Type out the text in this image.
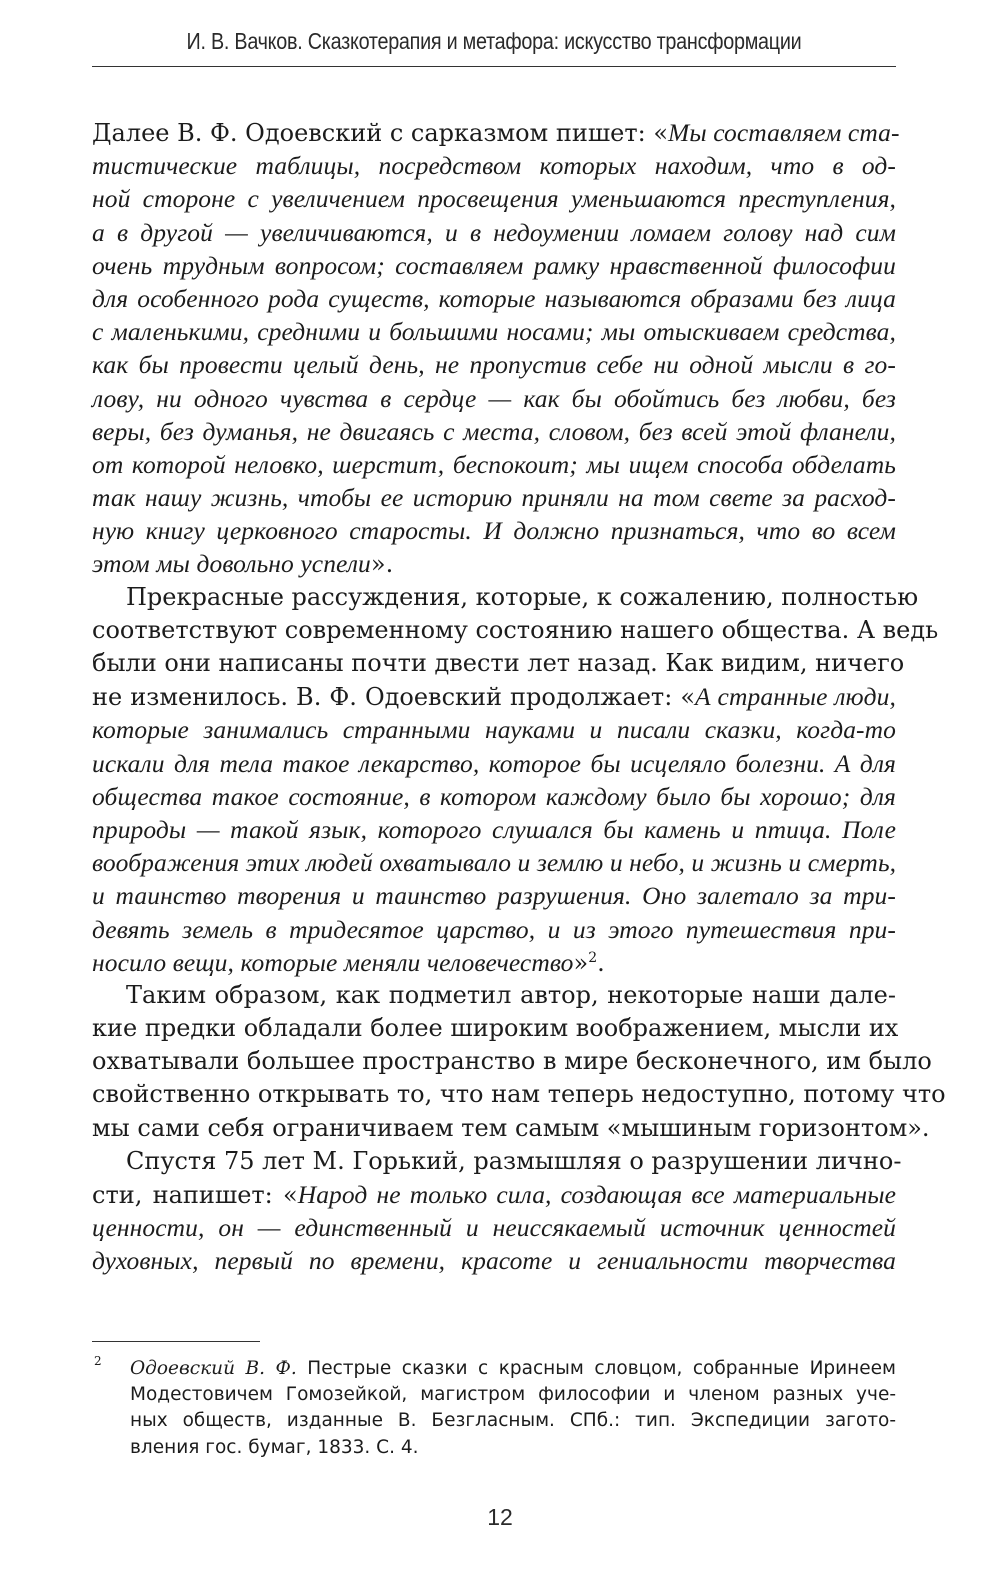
И. В. Вачков. Сказкотерапия и метафора: искусство трансформации
Далее В. Ф. Одоевский с сарказмом пишет: «Мы составляем ста-
тистические таблицы, посредством которых находим, что в од-
ной стороне с увеличением просвещения уменьшаются преступления,
а в другой — увеличиваются, и в недоумении ломаем голову над сим
очень трудным вопросом; составляем рамку нравственной философии
для особенного рода существ, которые называются образами без лица
с маленькими, средними и большими носами; мы отыскиваем средства,
как бы провести целый день, не пропустив себе ни одной мысли в го-
лову, ни одного чувства в сердце — как бы обойтись без любви, без
веры, без думанья, не двигаясь с места, словом, без всей этой фланели,
от которой неловко, шерстит, беспокоит; мы ищем способа обделать
так нашу жизнь, чтобы ее историю приняли на том свете за расход-
ную книгу церковного старосты. И должно признаться, что во всем
этом мы довольно успели».
Прекрасные рассуждения, которые, к сожалению, полностью
соответствуют современному состоянию нашего общества. А ведь
были они написаны почти двести лет назад. Как видим, ничего
не изменилось. В. Ф. Одоевский продолжает: «А странные люди,
которые занимались странными науками и писали сказки, когда-то
искали для тела такое лекарство, которое бы исцеляло болезни. А для
общества такое состояние, в котором каждому было бы хорошо; для
природы — такой язык, которого слушался бы камень и птица. Поле
воображения этих людей охватывало и землю и небо, и жизнь и смерть,
и таинство творения и таинство разрушения. Оно залетало за три-
девять земель в тридесятое царство, и из этого путешествия при-
носило вещи, которые меняли человечество»$^2$.
Таким образом, как подметил автор, некоторые наши дале-
кие предки обладали более широким воображением, мысли их
охватывали большее пространство в мире бесконечного, им было
свойственно открывать то, что нам теперь недоступно, потому что
мы сами себя ограничиваем тем самым «мышиным горизонтом».
Спустя 75 лет М. Горький, размышляя о разрушении лично-
сти, напишет: «Народ не только сила, создающая все материальные
ценности, он — единственный и неиссякаемый источник ценностей
духовных, первый по времени, красоте и гениальности творчества
2 Одоевский В. Ф. Пестрые сказки с красным словцом, собранные Иринеем
Модестовичем Гомозейкой, магистром философии и членом разных уче-
ных обществ, изданные В. Безгласным. СПб.: тип. Экспедиции загото-
вления гос. бумаг, 1833. С. 4.
12
